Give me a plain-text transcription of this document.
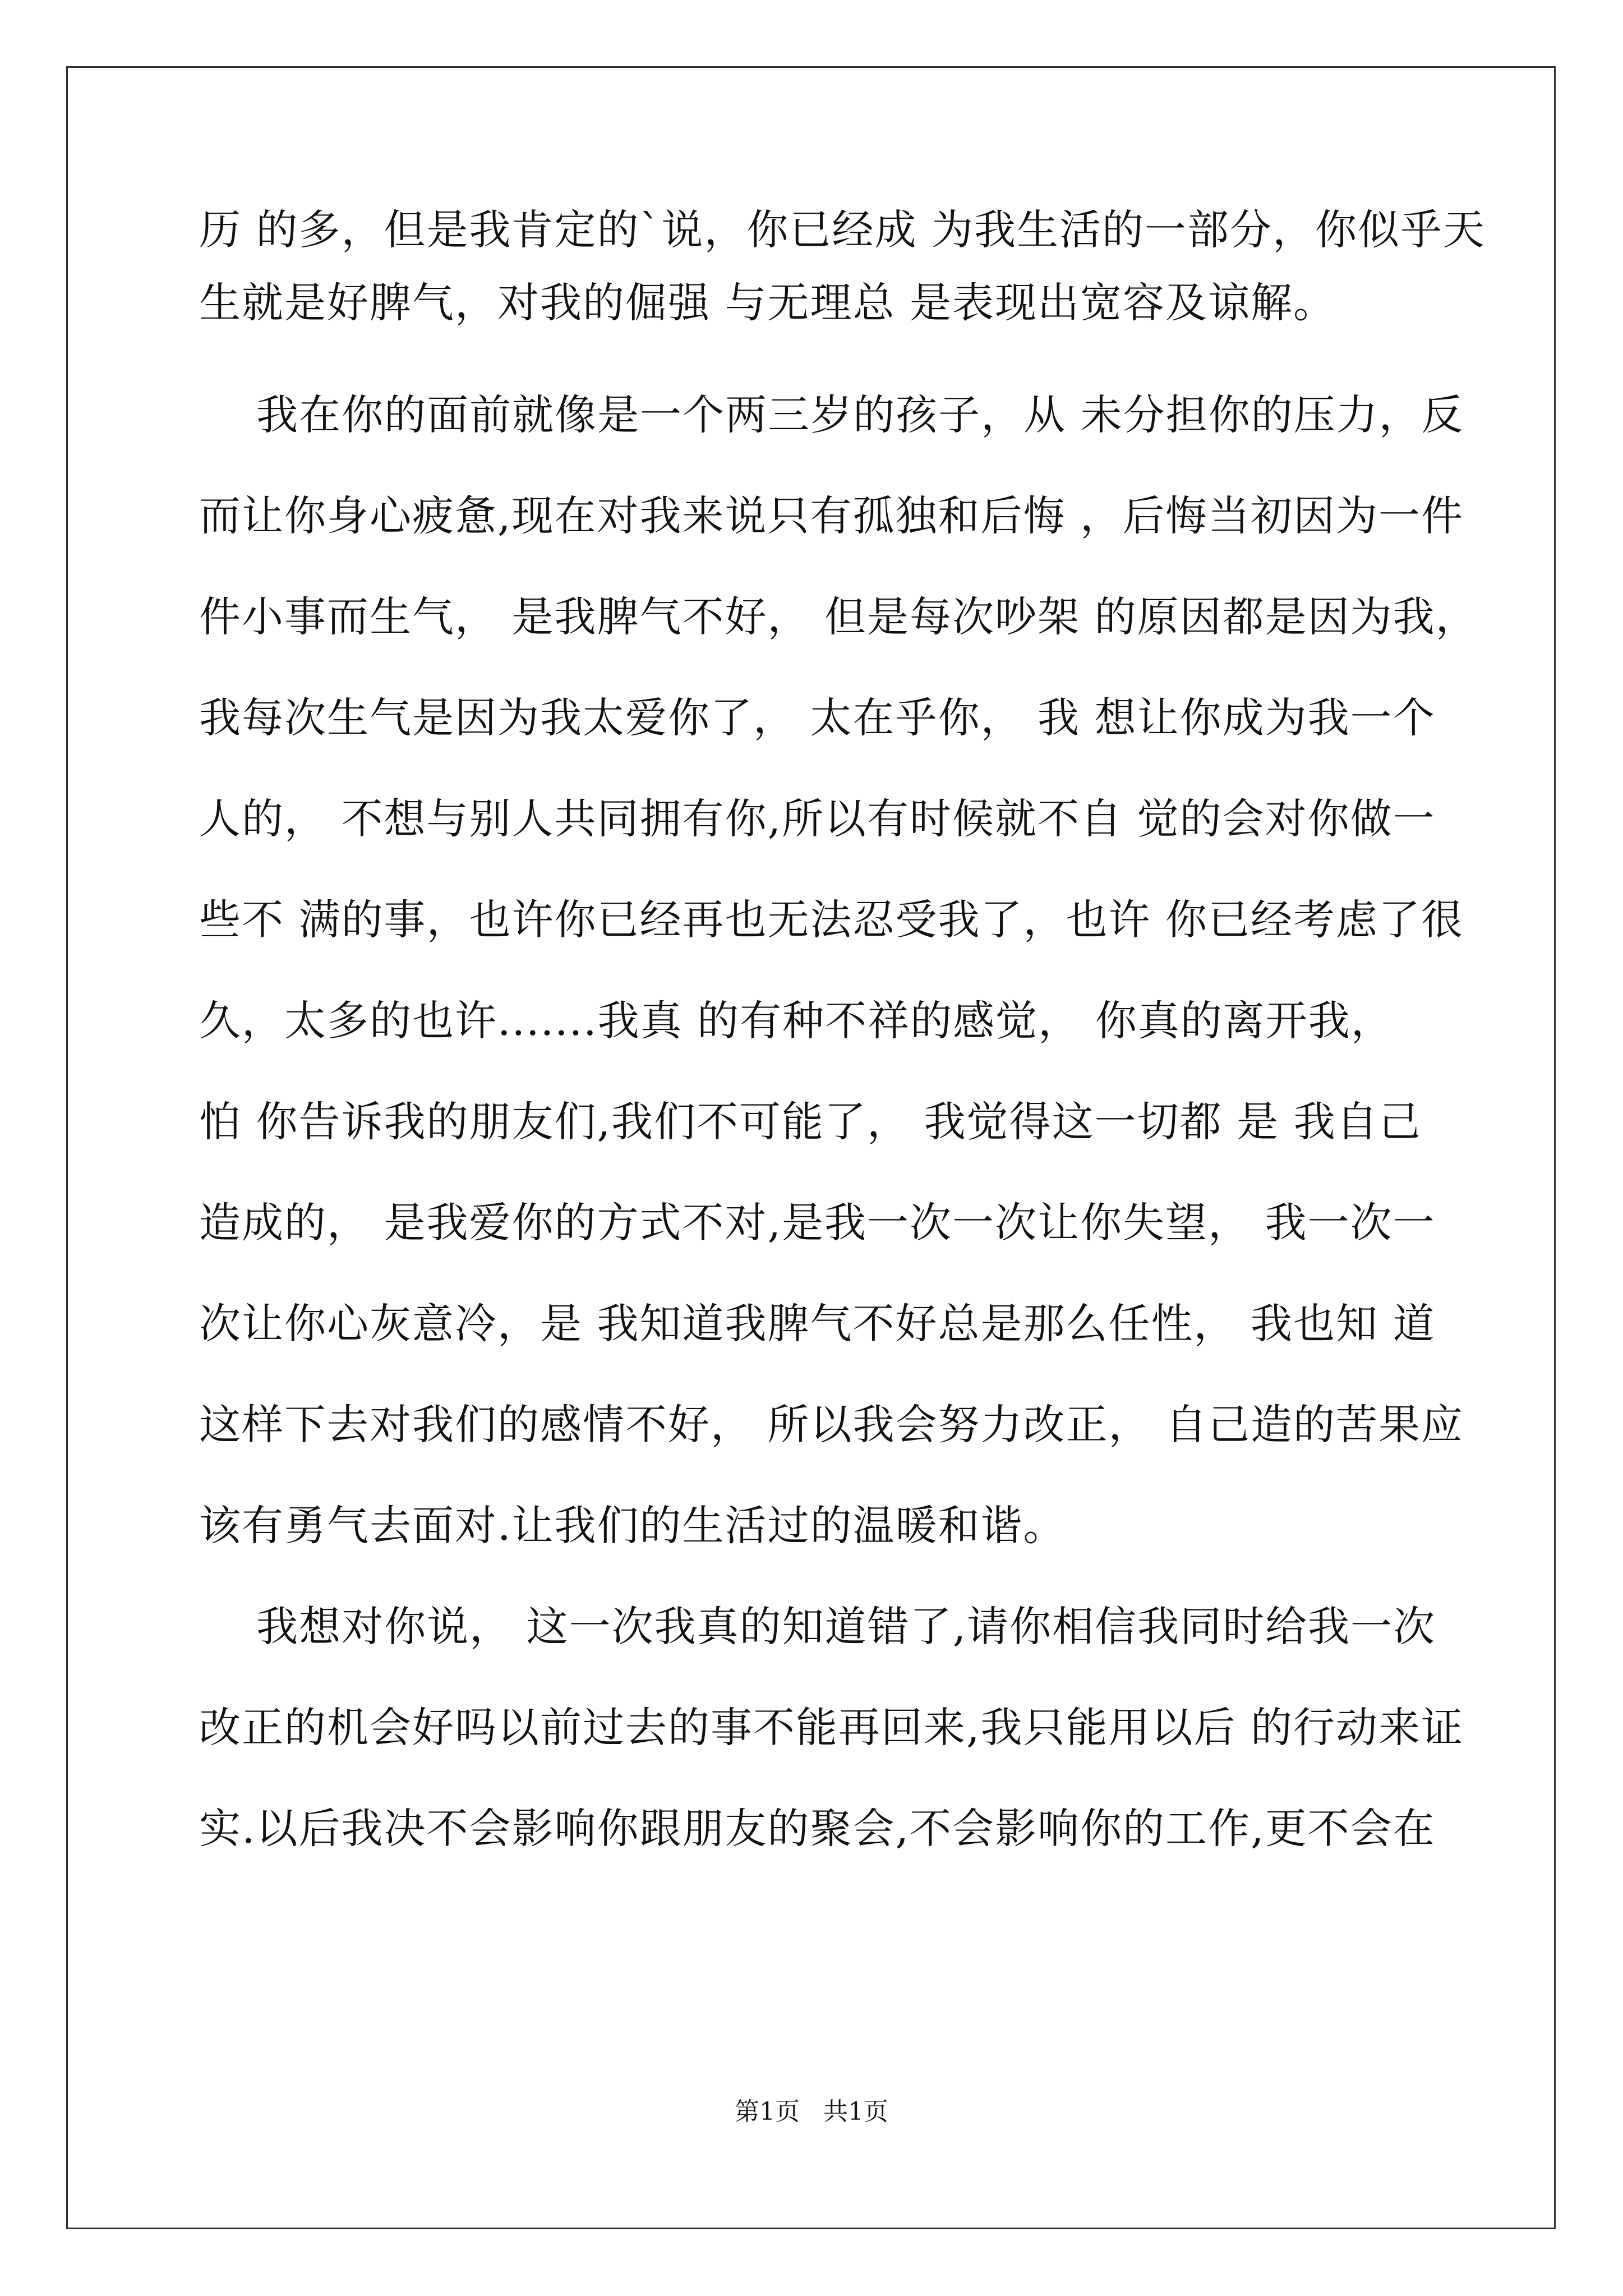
历 的多，但是我肯定的`说，你已经成 为我生活的一部分，你似乎天
生就是好脾气，对我的倔强 与无理总 是表现出宽容及谅解。
我在你的面前就像是一个两三岁的孩子，从 未分担你的压力，反
而让你身心疲惫,现在对我来说只有孤独和后悔 ，后悔当初因为一件
件小事而生气， 是我脾气不好， 但是每次吵架 的原因都是因为我，
我每次生气是因为我太爱你了， 太在乎你， 我 想让你成为我一个
人的， 不想与别人共同拥有你,所以有时候就不自 觉的会对你做一
些不 满的事，也许你已经再也无法忍受我了，也许 你已经考虑了很
久，太多的也许.......我真 的有种不祥的感觉， 你真的离开我，
怕 你告诉我的朋友们,我们不可能了， 我觉得这一切都 是 我自己
造成的， 是我爱你的方式不对,是我一次一次让你失望， 我一次一
次让你心灰意冷，是 我知道我脾气不好总是那么任性， 我也知 道
这样下去对我们的感情不好， 所以我会努力改正， 自己造的苦果应
该有勇气去面对.让我们的生活过的温暖和谐。
我想对你说， 这一次我真的知道错了,请你相信我同时给我一次
改正的机会好吗以前过去的事不能再回来,我只能用以后 的行动来证
实.以后我决不会影响你跟朋友的聚会,不会影响你的工作,更不会在
第1页   共1页
